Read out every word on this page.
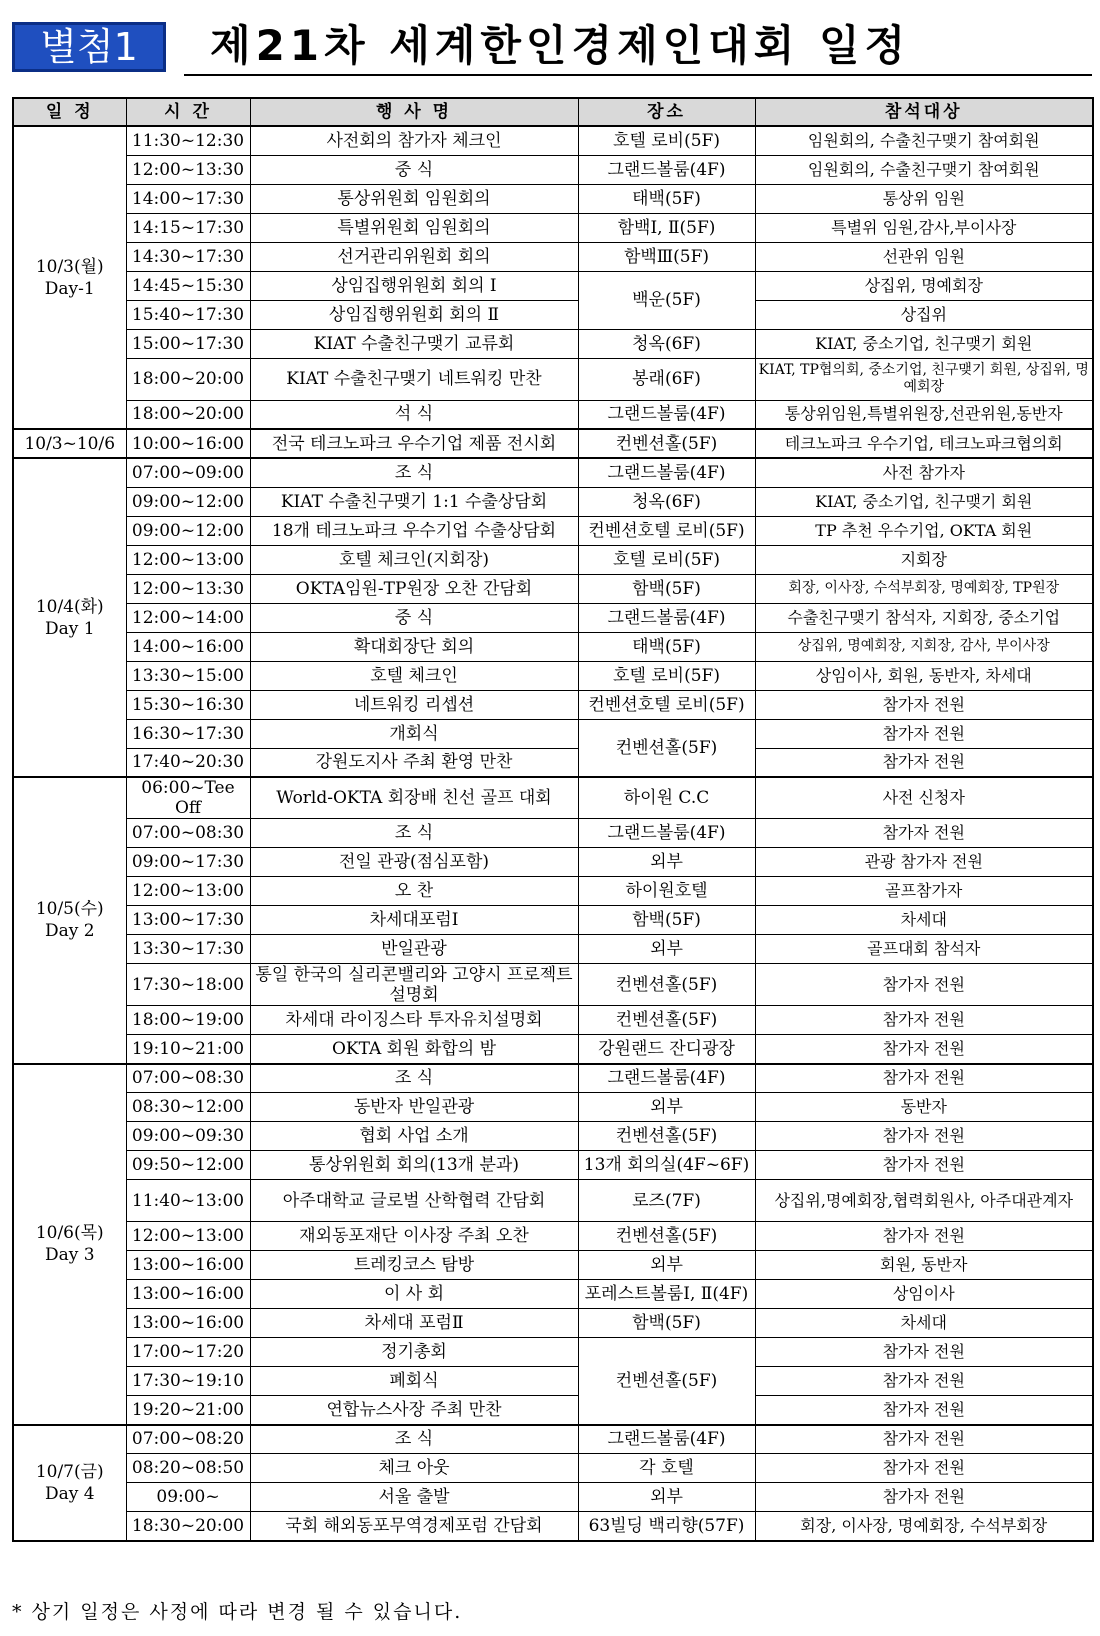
별첨1	제21차 세계한인경제인대회 일정
일 정	시 간	행 사 명	장소	참석대상

10/3(월)
Day-1	11:30~12:30	사전회의 참가자 체크인	호텔 로비(5F)	임원회의, 수출친구맺기 참여회원
	12:00~13:30	중 식	그랜드볼룸(4F)	임원회의, 수출친구맺기 참여회원
	14:00~17:30	통상위원회 임원회의	태백(5F)	통상위 임원
	14:15~17:30	특별위원회 임원회의	함백Ⅰ, Ⅱ(5F)	특별위 임원,감사,부이사장
	14:30~17:30	선거관리위원회 회의	함백Ⅲ(5F)	선관위 임원
	14:45~15:30	상임집행위원회 회의 Ⅰ	백운(5F)	상집위, 명예회장
	15:40~17:30	상임집행위원회 회의 Ⅱ		상집위
	15:00~17:30	KIAT 수출친구맺기 교류회	청옥(6F)	KIAT, 중소기업, 친구맺기 회원
	18:00~20:00	KIAT 수출친구맺기 네트워킹 만찬	봉래(6F)	KIAT, TP협의회, 중소기업, 친구맺기 회원, 상집위, 명예회장
	18:00~20:00	석 식	그랜드볼룸(4F)	통상위임원,특별위원장,선관위원,동반자

10/3~10/6	10:00~16:00	전국 테크노파크 우수기업 제품 전시회	컨벤션홀(5F)	테크노파크 우수기업, 테크노파크협의회

10/4(화)
Day 1	07:00~09:00	조 식	그랜드볼룸(4F)	사전 참가자
	09:00~12:00	KIAT 수출친구맺기 1:1 수출상담회	청옥(6F)	KIAT, 중소기업, 친구맺기 회원
	09:00~12:00	18개 테크노파크 우수기업 수출상담회	컨벤션호텔 로비(5F)	TP 추천 우수기업, OKTA 회원
	12:00~13:00	호텔 체크인(지회장)	호텔 로비(5F)	지회장
	12:00~13:30	OKTA임원-TP원장 오찬 간담회	함백(5F)	회장, 이사장, 수석부회장, 명예회장, TP원장
	12:00~14:00	중 식	그랜드볼룸(4F)	수출친구맺기 참석자, 지회장, 중소기업
	14:00~16:00	확대회장단 회의	태백(5F)	상집위, 명예회장, 지회장, 감사, 부이사장
	13:30~15:00	호텔 체크인	호텔 로비(5F)	상임이사, 회원, 동반자, 차세대
	15:30~16:30	네트워킹 리셉션	컨벤션호텔 로비(5F)	참가자 전원
	16:30~17:30	개회식	컨벤션홀(5F)	참가자 전원
	17:40~20:30	강원도지사 주최 환영 만찬		참가자 전원

10/5(수)
Day 2	06:00~Tee Off	World-OKTA 회장배 친선 골프 대회	하이원 C.C	사전 신청자
	07:00~08:30	조 식	그랜드볼룸(4F)	참가자 전원
	09:00~17:30	전일 관광(점심포함)	외부	관광 참가자 전원
	12:00~13:00	오 찬	하이원호텔	골프참가자
	13:00~17:30	차세대포럼Ⅰ	함백(5F)	차세대
	13:30~17:30	반일관광	외부	골프대회 참석자
	17:30~18:00	통일 한국의 실리콘밸리와 고양시 프로젝트 설명회	컨벤션홀(5F)	참가자 전원
	18:00~19:00	차세대 라이징스타 투자유치설명회	컨벤션홀(5F)	참가자 전원
	19:10~21:00	OKTA 회원 화합의 밤	강원랜드 잔디광장	참가자 전원

10/6(목)
Day 3	07:00~08:30	조 식	그랜드볼룸(4F)	참가자 전원
	08:30~12:00	동반자 반일관광	외부	동반자
	09:00~09:30	협회 사업 소개	컨벤션홀(5F)	참가자 전원
	09:50~12:00	통상위원회 회의(13개 분과)	13개 회의실(4F~6F)	참가자 전원
	11:40~13:00	아주대학교 글로벌 산학협력 간담회	로즈(7F)	상집위,명예회장,협력회원사, 아주대관계자
	12:00~13:00	재외동포재단 이사장 주최 오찬	컨벤션홀(5F)	참가자 전원
	13:00~16:00	트레킹코스 탐방	외부	회원, 동반자
	13:00~16:00	이 사 회	포레스트볼룸Ⅰ, Ⅱ(4F)	상임이사
	13:00~16:00	차세대 포럼Ⅱ	함백(5F)	차세대
	17:00~17:20	정기총회	컨벤션홀(5F)	참가자 전원
	17:30~19:10	폐회식		참가자 전원
	19:20~21:00	연합뉴스사장 주최 만찬		참가자 전원

10/7(금)
Day 4	07:00~08:20	조 식	그랜드볼룸(4F)	참가자 전원
	08:20~08:50	체크 아웃	각 호텔	참가자 전원
	09:00~	서울 출발	외부	참가자 전원
	18:30~20:00	국회 해외동포무역경제포럼 간담회	63빌딩 백리향(57F)	회장, 이사장, 명예회장, 수석부회장
* 상기 일정은 사정에 따라 변경 될 수 있습니다.
